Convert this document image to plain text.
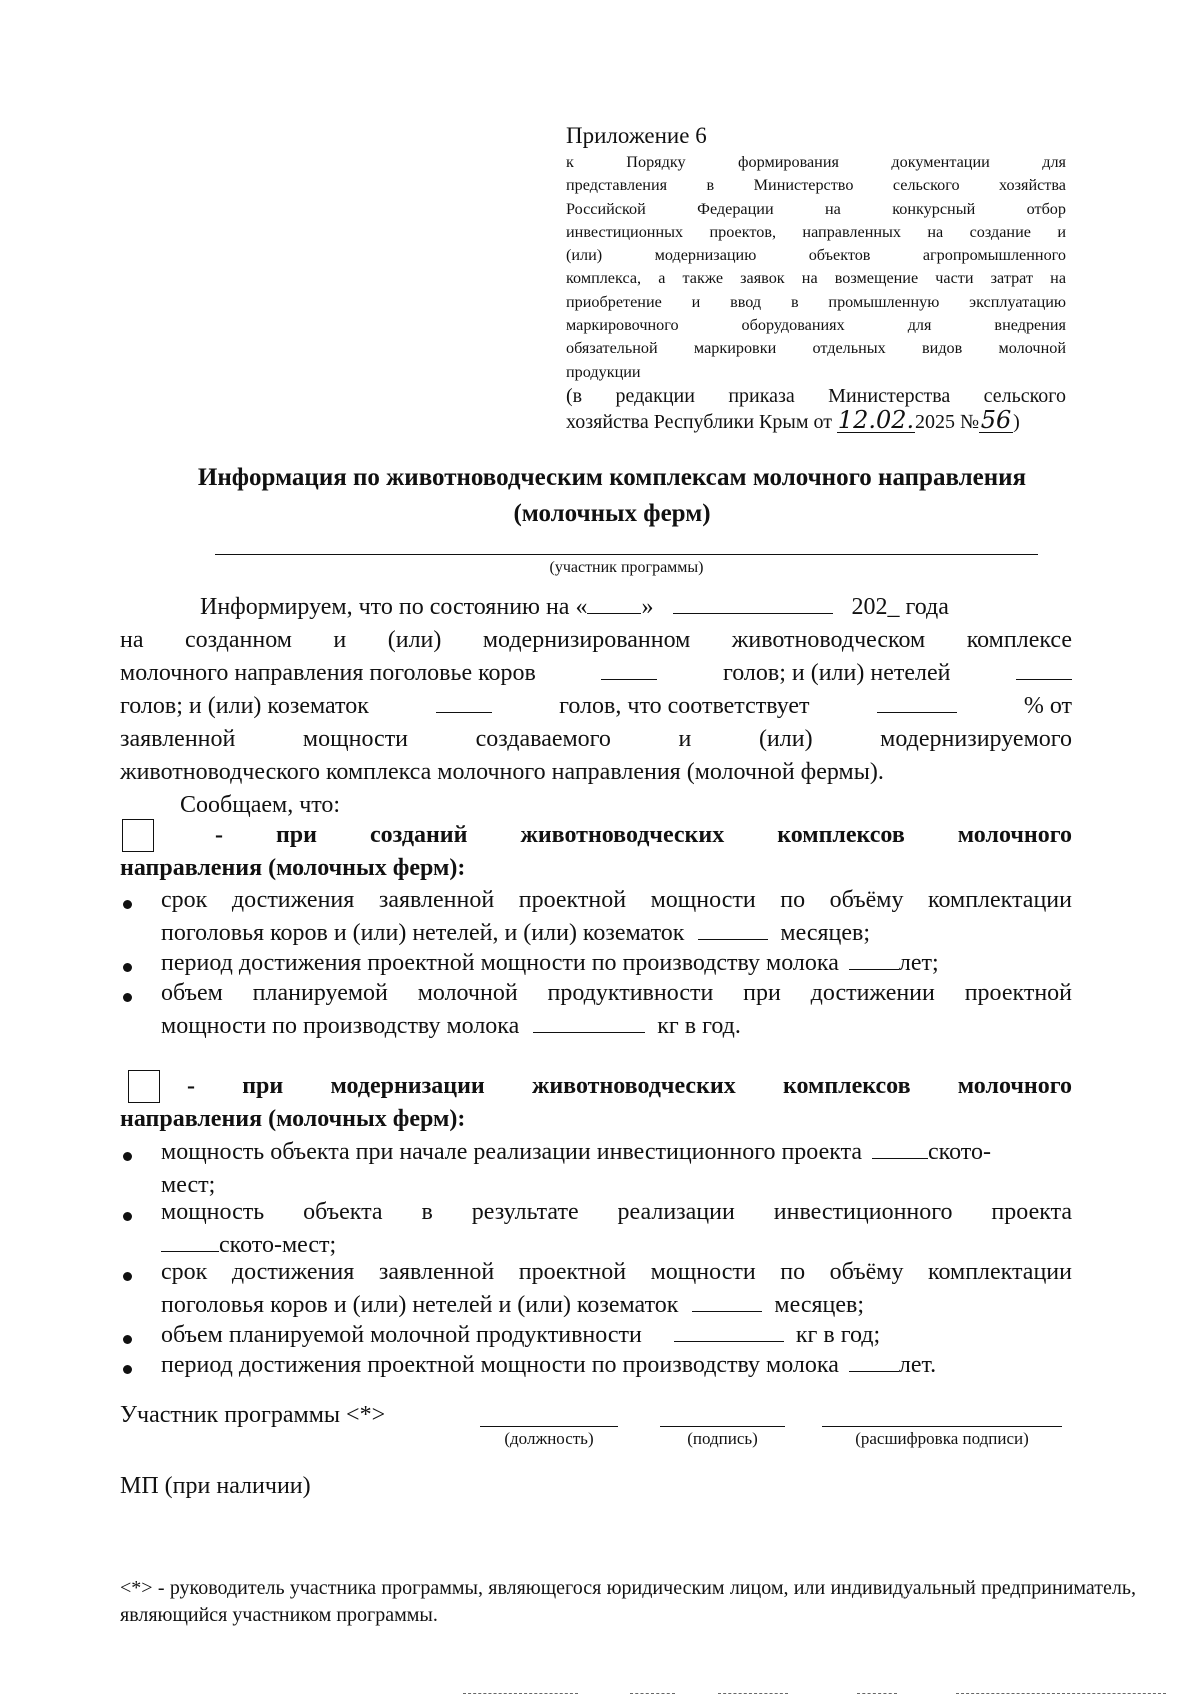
Приложение 6
к Порядку формирования документации для
представления в Министерство сельского хозяйства
Российской Федерации на конкурсный отбор
инвестиционных проектов, направленных на создание и
(или) модернизацию объектов агропромышленного
комплекса, а также заявок на возмещение части затрат на
приобретение и ввод в промышленную эксплуатацию
маркировочного оборудованиях для внедрения
обязательной маркировки отдельных видов молочной
продукции
(в редакции приказа Министерства сельского
хозяйства Республики Крым от 12.02.2025 №56)
Информация по животноводческим комплексам молочного направления
(молочных ферм)
(участник программы)
Информируем, что по состоянию на « »	202_ года
на созданном и (или) модернизированном животноводческом комплексе
молочного направления поголовье коров	голов; и (или) нетелей
голов; и (или) козематок	голов, что соответствует	% от
заявленной мощности создаваемого и (или) модернизируемого
животноводческого комплекса молочного направления (молочной фермы).
Сообщаем, что:
- при созданий животноводческих комплексов молочного
направления (молочных ферм):
срок достижения заявленной проектной мощности по объёму комплектации
поголовья коров и (или) нетелей, и (или) козематок	месяцев;
период достижения проектной мощности по производству молока	лет;
объем планируемой молочной продуктивности при достижении проектной
мощности по производству молока	кг в год.
- при модернизации животноводческих комплексов молочного
направления (молочных ферм):
мощность объекта при начале реализации инвестиционного проекта	ското-
мест;
мощность объекта в результате реализации инвестиционного проекта
ското-мест;
срок достижения заявленной проектной мощности по объёму комплектации
поголовья коров и (или) нетелей и (или) козематок	месяцев;
объем планируемой молочной продуктивности	кг в год;
период достижения проектной мощности по производству молока	лет.
Участник программы <*>
(должность)	(подпись)	(расшифровка подписи)
МП (при наличии)
<*> - руководитель участника программы, являющегося юридическим лицом, или индивидуальный предприниматель, являющийся участником программы.
